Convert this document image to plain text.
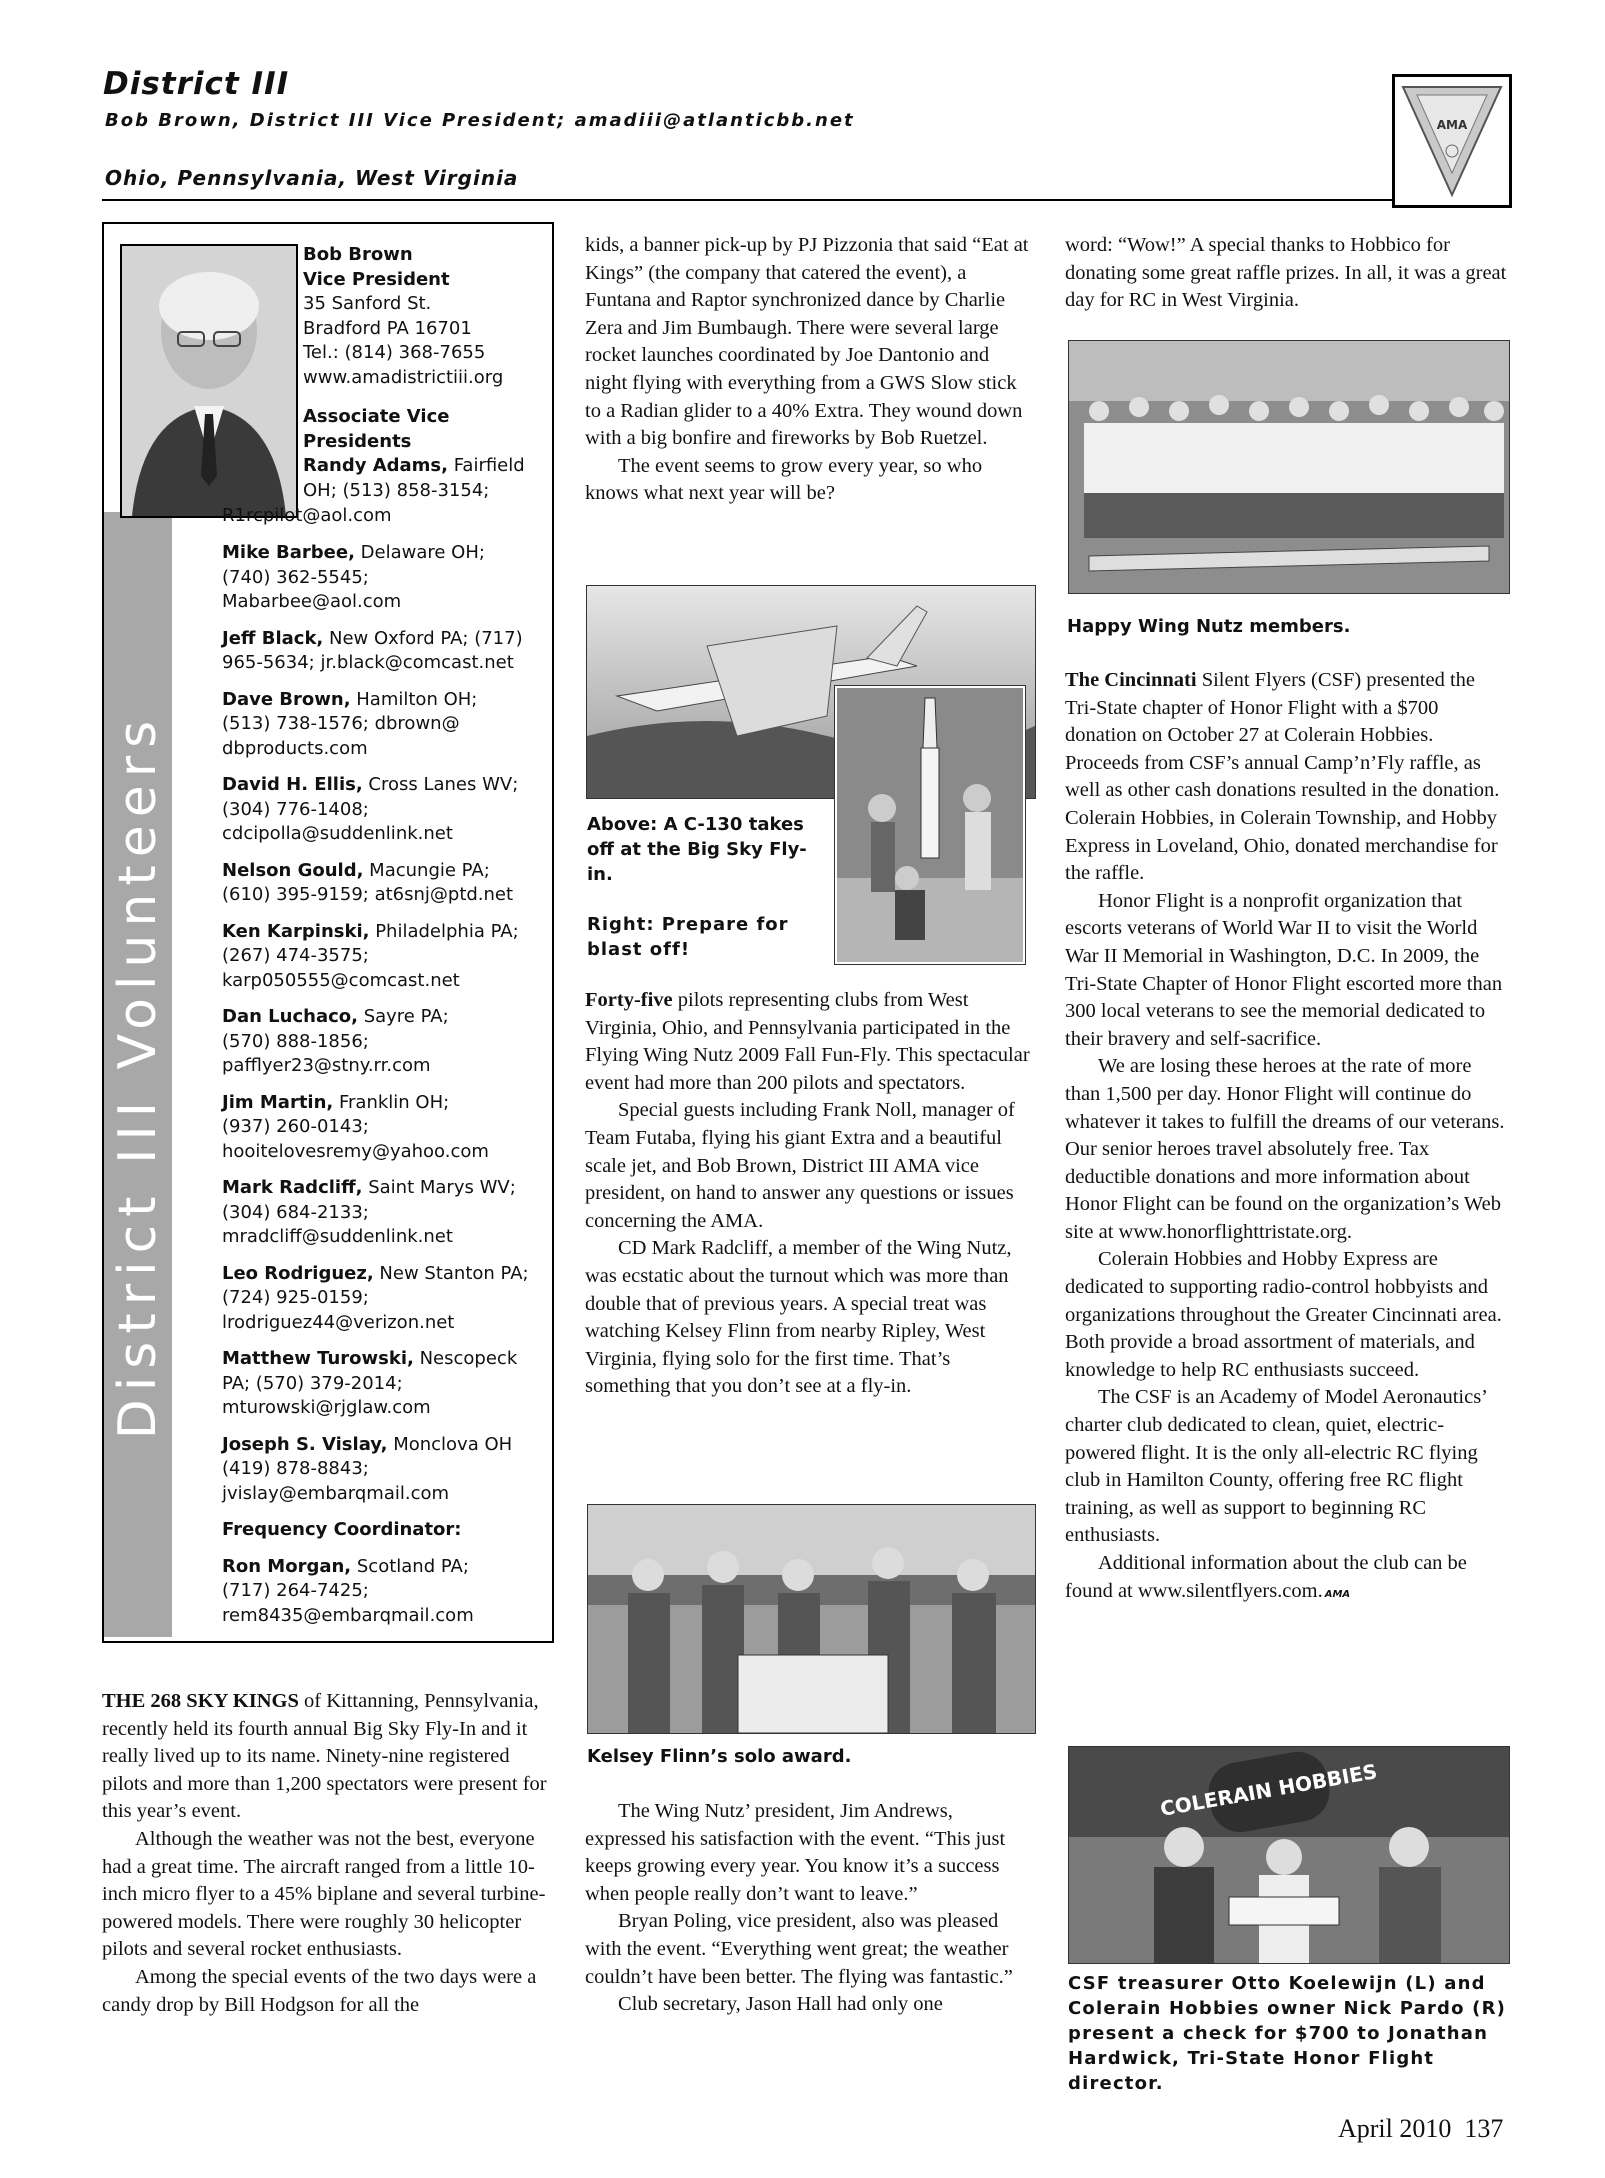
District III
Bob Brown, District III Vice President; amadiii@atlanticbb.net
Ohio, Pennsylvania, West Virginia
AMA
District III Volunteers
Bob Brown
Vice President
35 Sanford St.
Bradford PA 16701
Tel.: (814) 368-7655
www.amadistrictiii.org
Associate Vice
Presidents
Randy Adams, Fairfield
OH; (513) 858-3154;
R1rcpilot@aol.com
Mike Barbee, Delaware OH;
(740) 362-5545;
Mabarbee@aol.com
Jeff Black, New Oxford PA; (717)
965-5634; jr.black@comcast.net
Dave Brown, Hamilton OH;
(513) 738-1576; dbrown@
dbproducts.com
David H. Ellis, Cross Lanes WV;
(304) 776-1408;
cdcipolla@suddenlink.net
Nelson Gould, Macungie PA;
(610) 395-9159; at6snj@ptd.net
Ken Karpinski, Philadelphia PA;
(267) 474-3575;
karp050555@comcast.net
Dan Luchaco, Sayre PA;
(570) 888-1856;
pafflyer23@stny.rr.com
Jim Martin, Franklin OH;
(937) 260-0143;
hooitelovesremy@yahoo.com
Mark Radcliff, Saint Marys WV;
(304) 684-2133;
mradcliff@suddenlink.net
Leo Rodriguez, New Stanton PA;
(724) 925-0159;
lrodriguez44@verizon.net
Matthew Turowski, Nescopeck
PA; (570) 379-2014;
mturowski@rjglaw.com
Joseph S. Vislay, Monclova OH
(419) 878-8843;
jvislay@embarqmail.com
Frequency Coordinator:
Ron Morgan, Scotland PA;
(717) 264-7425;
rem8435@embarqmail.com
THE 268 SKY KINGS of Kittanning, Pennsylvania, recently held its fourth annual Big Sky Fly-In and it really lived up to its name. Ninety-nine registered pilots and more than 1,200 spectators were present for this year’s event.
Although the weather was not the best, everyone had a great time. The aircraft ranged from a little 10-inch micro flyer to a 45% biplane and several turbine-powered models. There were roughly 30 helicopter pilots and several rocket enthusiasts.
Among the special events of the two days were a candy drop by Bill Hodgson for all the
kids, a banner pick-up by PJ Pizzonia that said “Eat at Kings” (the company that catered the event), a Funtana and Raptor synchronized dance by Charlie Zera and Jim Bumbaugh. There were several large rocket launches coordinated by Joe Dantonio and night flying with everything from a GWS Slow stick to a Radian glider to a 40% Extra. They wound down with a big bonfire and fireworks by Bob Ruetzel.
The event seems to grow every year, so who knows what next year will be?
Above: A C-130 takes off at the Big Sky Fly-in.
Right: Prepare for blast off!
Forty-five pilots representing clubs from West Virginia, Ohio, and Pennsylvania participated in the Flying Wing Nutz 2009 Fall Fun-Fly. This spectacular event had more than 200 pilots and spectators.
Special guests including Frank Noll, manager of Team Futaba, flying his giant Extra and a beautiful scale jet, and Bob Brown, District III AMA vice president, on hand to answer any questions or issues concerning the AMA.
CD Mark Radcliff, a member of the Wing Nutz, was ecstatic about the turnout which was more than double that of previous years. A special treat was watching Kelsey Flinn from nearby Ripley, West Virginia, flying solo for the first time. That’s something that you don’t see at a fly-in.
Kelsey Flinn’s solo award.
The Wing Nutz’ president, Jim Andrews, expressed his satisfaction with the event. “This just keeps growing every year. You know it’s a success when people really don’t want to leave.”
Bryan Poling, vice president, also was pleased with the event. “Everything went great; the weather couldn’t have been better. The flying was fantastic.”
Club secretary, Jason Hall had only one
word: “Wow!” A special thanks to Hobbico for donating some great raffle prizes. In all, it was a great day for RC in West Virginia.
Happy Wing Nutz members.
The Cincinnati Silent Flyers (CSF) presented the Tri-State chapter of Honor Flight with a $700 donation on October 27 at Colerain Hobbies. Proceeds from CSF’s annual Camp’n’Fly raffle, as well as other cash donations resulted in the donation. Colerain Hobbies, in Colerain Township, and Hobby Express in Loveland, Ohio, donated merchandise for the raffle.
Honor Flight is a nonprofit organization that escorts veterans of World War II to visit the World War II Memorial in Washington, D.C. In 2009, the Tri-State Chapter of Honor Flight escorted more than 300 local veterans to see the memorial dedicated to their bravery and self-sacrifice.
We are losing these heroes at the rate of more than 1,500 per day. Honor Flight will continue do whatever it takes to fulfill the dreams of our veterans. Our senior heroes travel absolutely free. Tax deductible donations and more information about Honor Flight can be found on the organization’s Web site at www.honorflighttristate.org.
Colerain Hobbies and Hobby Express are dedicated to supporting radio-control hobbyists and organizations throughout the Greater Cincinnati area. Both provide a broad assortment of materials, and knowledge to help RC enthusiasts succeed.
The CSF is an Academy of Model Aeronautics’ charter club dedicated to clean, quiet, electric-powered flight. It is the only all-electric RC flying club in Hamilton County, offering free RC flight training, as well as support to beginning RC enthusiasts.
Additional information about the club can be found at www.silentflyers.com. AMA
COLERAIN HOBBIES
CSF treasurer Otto Koelewijn (L) and Colerain Hobbies owner Nick Pardo (R) present a check for $700 to Jonathan Hardwick, Tri-State Honor Flight director.
April 2010 137
